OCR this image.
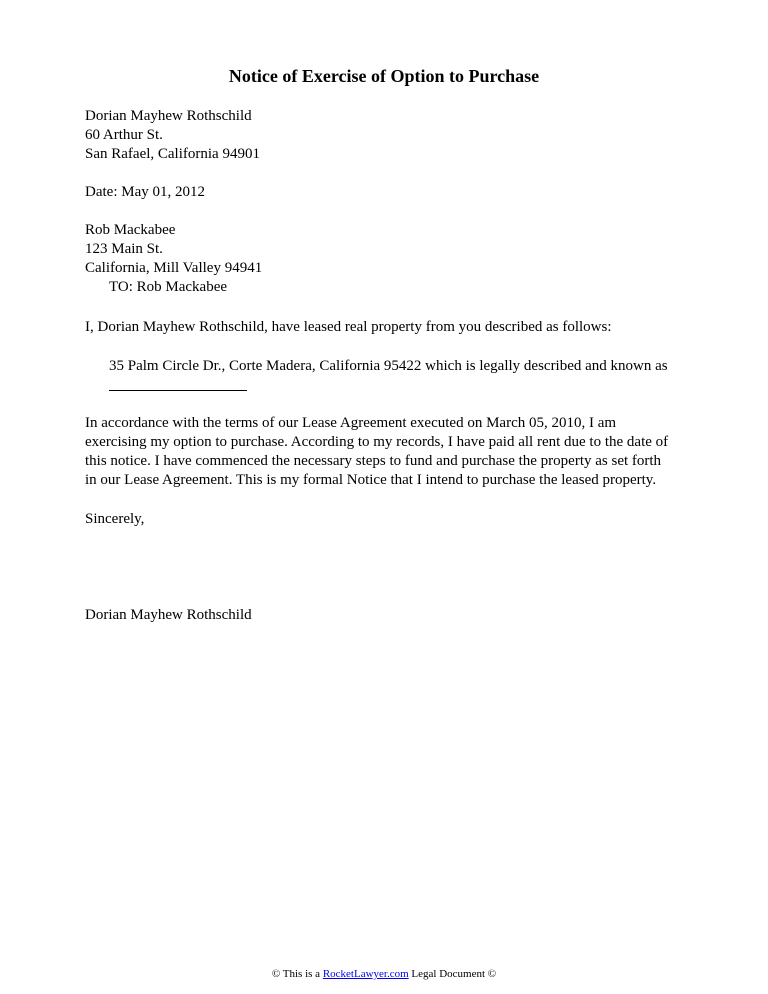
Notice of Exercise of Option to Purchase
Dorian Mayhew Rothschild
60 Arthur St.
San Rafael, California 94901
Date: May 01, 2012
Rob Mackabee
123 Main St.
California, Mill Valley 94941
TO: Rob Mackabee
I, Dorian Mayhew Rothschild, have leased real property from you described as follows:
35 Palm Circle Dr., Corte Madera, California 95422 which is legally described and known as
In accordance with the terms of our Lease Agreement executed on March 05, 2010, I am
exercising my option to purchase. According to my records, I have paid all rent due to the date of
this notice. I have commenced the necessary steps to fund and purchase the property as set forth
in our Lease Agreement. This is my formal Notice that I intend to purchase the leased property.
Sincerely,
Dorian Mayhew Rothschild
© This is a RocketLawyer.com Legal Document ©
